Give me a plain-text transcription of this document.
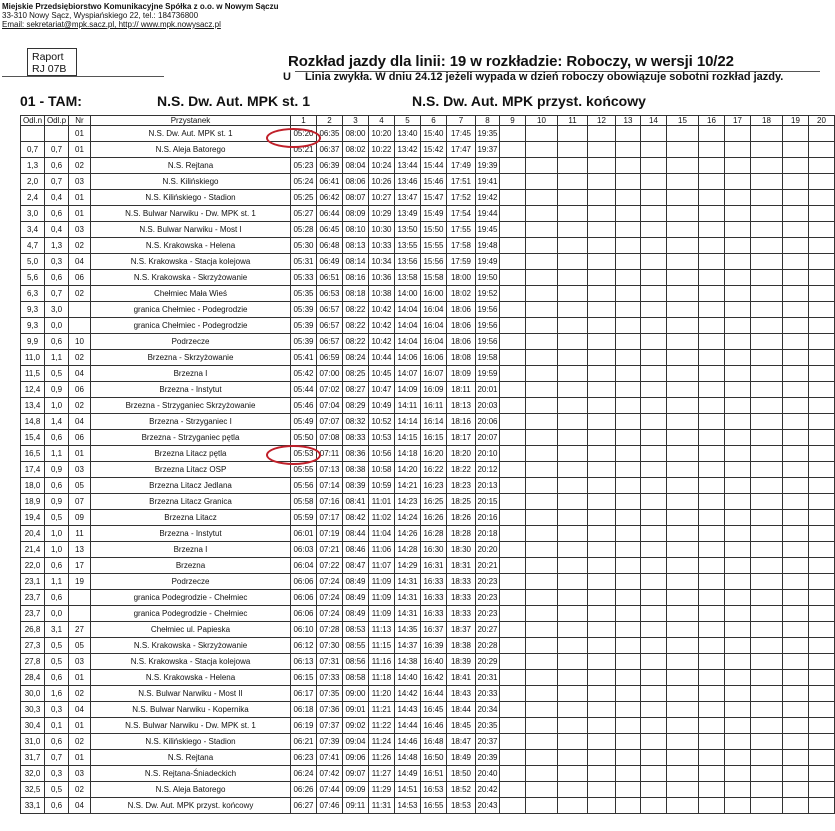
Miejskie Przedsiębiorstwo Komunikacyjne Spółka z o.o. w Nowym Sączu
33-310 Nowy Sącz, Wyspiańskiego 22, tel.: 184736800
Email: sekretariat@mpk.sacz.pl, http:// www.mpk.nowysacz.pl
Raport
RJ 07B	Rozkład jazdy dla linii: 19 w rozkładzie: Roboczy, w wersji 10/22
U Linia zwykła. W dniu 24.12 jeżeli wypada w dzień roboczy obowiązuje sobotni rozkład jazdy.
01 - TAM:	N.S. Dw. Aut. MPK st. 1	N.S. Dw. Aut. MPK przyst. końcowy
Odl.n	Odl.p	Nr	Przystanek	1	2	3	4	5	6	7	8	9	10	11	12	13	14	15	16	17	18	19	20
		01	N.S. Dw. Aut. MPK st. 1	05:20	06:35	08:00	10:20	13:40	15:40	17:45	19:35												
0,7	0,7	01	N.S. Aleja Batorego	05:21	06:37	08:02	10:22	13:42	15:42	17:47	19:37												
1,3	0,6	02	N.S. Rejtana	05:23	06:39	08:04	10:24	13:44	15:44	17:49	19:39												
2,0	0,7	03	N.S. Kilińskiego	05:24	06:41	08:06	10:26	13:46	15:46	17:51	19:41												
2,4	0,4	01	N.S. Kilińskiego - Stadion	05:25	06:42	08:07	10:27	13:47	15:47	17:52	19:42												
3,0	0,6	01	N.S. Bulwar Narwiku - Dw. MPK st. 1	05:27	06:44	08:09	10:29	13:49	15:49	17:54	19:44												
3,4	0,4	03	N.S. Bulwar Narwiku - Most I	05:28	06:45	08:10	10:30	13:50	15:50	17:55	19:45												
4,7	1,3	02	N.S. Krakowska - Helena	05:30	06:48	08:13	10:33	13:55	15:55	17:58	19:48												
5,0	0,3	04	N.S. Krakowska - Stacja kolejowa	05:31	06:49	08:14	10:34	13:56	15:56	17:59	19:49												
5,6	0,6	06	N.S. Krakowska - Skrzyżowanie	05:33	06:51	08:16	10:36	13:58	15:58	18:00	19:50												
6,3	0,7	02	Chełmiec Mała Wieś	05:35	06:53	08:18	10:38	14:00	16:00	18:02	19:52												
9,3	3,0		granica Chełmiec - Podegrodzie	05:39	06:57	08:22	10:42	14:04	16:04	18:06	19:56												
9,3	0,0		granica Chełmiec - Podegrodzie	05:39	06:57	08:22	10:42	14:04	16:04	18:06	19:56												
9,9	0,6	10	Podrzecze	05:39	06:57	08:22	10:42	14:04	16:04	18:06	19:56												
11,0	1,1	02	Brzezna - Skrzyżowanie	05:41	06:59	08:24	10:44	14:06	16:06	18:08	19:58												
11,5	0,5	04	Brzezna I	05:42	07:00	08:25	10:45	14:07	16:07	18:09	19:59												
12,4	0,9	06	Brzezna - Instytut	05:44	07:02	08:27	10:47	14:09	16:09	18:11	20:01												
13,4	1,0	02	Brzezna - Strzyganiec Skrzyżowanie	05:46	07:04	08:29	10:49	14:11	16:11	18:13	20:03												
14,8	1,4	04	Brzezna - Strzyganiec I	05:49	07:07	08:32	10:52	14:14	16:14	18:16	20:06												
15,4	0,6	06	Brzezna - Strzyganiec pętla	05:50	07:08	08:33	10:53	14:15	16:15	18:17	20:07												
16,5	1,1	01	Brzezna Litacz pętla	05:53	07:11	08:36	10:56	14:18	16:20	18:20	20:10												
17,4	0,9	03	Brzezna Litacz OSP	05:55	07:13	08:38	10:58	14:20	16:22	18:22	20:12												
18,0	0,6	05	Brzezna Litacz Jedlana	05:56	07:14	08:39	10:59	14:21	16:23	18:23	20:13												
18,9	0,9	07	Brzezna Litacz Granica	05:58	07:16	08:41	11:01	14:23	16:25	18:25	20:15												
19,4	0,5	09	Brzezna Litacz	05:59	07:17	08:42	11:02	14:24	16:26	18:26	20:16												
20,4	1,0	11	Brzezna - Instytut	06:01	07:19	08:44	11:04	14:26	16:28	18:28	20:18												
21,4	1,0	13	Brzezna I	06:03	07:21	08:46	11:06	14:28	16:30	18:30	20:20												
22,0	0,6	17	Brzezna	06:04	07:22	08:47	11:07	14:29	16:31	18:31	20:21												
23,1	1,1	19	Podrzecze	06:06	07:24	08:49	11:09	14:31	16:33	18:33	20:23												
23,7	0,6		granica Podegrodzie - Chełmiec	06:06	07:24	08:49	11:09	14:31	16:33	18:33	20:23												
23,7	0,0		granica Podegrodzie - Chełmiec	06:06	07:24	08:49	11:09	14:31	16:33	18:33	20:23												
26,8	3,1	27	Chełmiec ul. Papieska	06:10	07:28	08:53	11:13	14:35	16:37	18:37	20:27												
27,3	0,5	05	N.S. Krakowska - Skrzyżowanie	06:12	07:30	08:55	11:15	14:37	16:39	18:38	20:28												
27,8	0,5	03	N.S. Krakowska - Stacja kolejowa	06:13	07:31	08:56	11:16	14:38	16:40	18:39	20:29												
28,4	0,6	01	N.S. Krakowska - Helena	06:15	07:33	08:58	11:18	14:40	16:42	18:41	20:31												
30,0	1,6	02	N.S. Bulwar Narwiku - Most II	06:17	07:35	09:00	11:20	14:42	16:44	18:43	20:33												
30,3	0,3	04	N.S. Bulwar Narwiku - Kopernika	06:18	07:36	09:01	11:21	14:43	16:45	18:44	20:34												
30,4	0,1	01	N.S. Bulwar Narwiku - Dw. MPK st. 1	06:19	07:37	09:02	11:22	14:44	16:46	18:45	20:35												
31,0	0,6	02	N.S. Kilińskiego - Stadion	06:21	07:39	09:04	11:24	14:46	16:48	18:47	20:37												
31,7	0,7	01	N.S. Rejtana	06:23	07:41	09:06	11:26	14:48	16:50	18:49	20:39												
32,0	0,3	03	N.S. Rejtana-Śniadeckich	06:24	07:42	09:07	11:27	14:49	16:51	18:50	20:40												
32,5	0,5	02	N.S. Aleja Batorego	06:26	07:44	09:09	11:29	14:51	16:53	18:52	20:42												
33,1	0,6	04	N.S. Dw. Aut. MPK przyst. końcowy	06:27	07:46	09:11	11:31	14:53	16:55	18:53	20:43												
